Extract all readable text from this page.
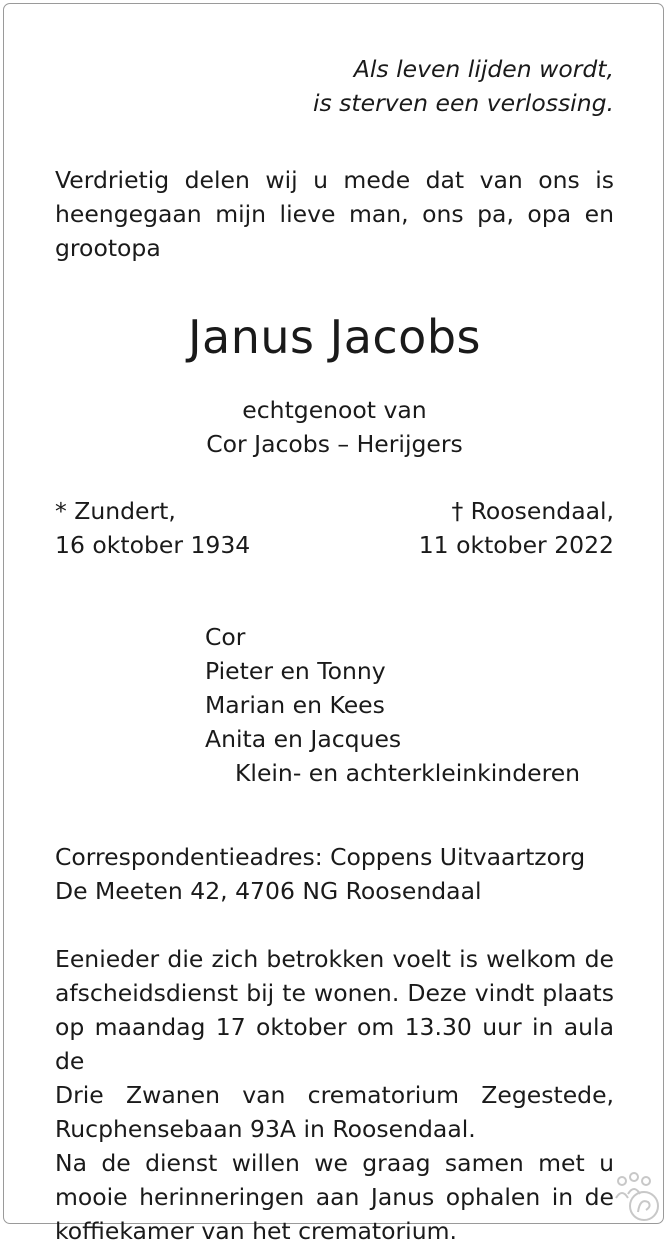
Als leven lijden wordt,
is sterven een verlossing.

Verdrietig delen wij u mede dat van ons is
heengegaan mijn lieve man, ons pa, opa en
grootopa

Janus Jacobs

echtgenoot van
Cor Jacobs – Herijgers

* Zundert,
16 oktober 1934
† Roosendaal,
11 oktober 2022
Cor
Pieter en Tonny
Marian en Kees
Anita en Jacques
Klein- en achterkleinkinderen
Correspondentieadres: Coppens Uitvaartzorg
De Meeten 42, 4706 NG Roosendaal
Eenieder die zich betrokken voelt is welkom de
afscheidsdienst bij te wonen. Deze vindt plaats
op maandag 17 oktober om 13.30 uur in aula de
Drie Zwanen van crematorium Zegestede,
Rucphensebaan 93A in Roosendaal.
Na de dienst willen we graag samen met u
mooie herinneringen aan Janus ophalen in de
koffiekamer van het crematorium.
